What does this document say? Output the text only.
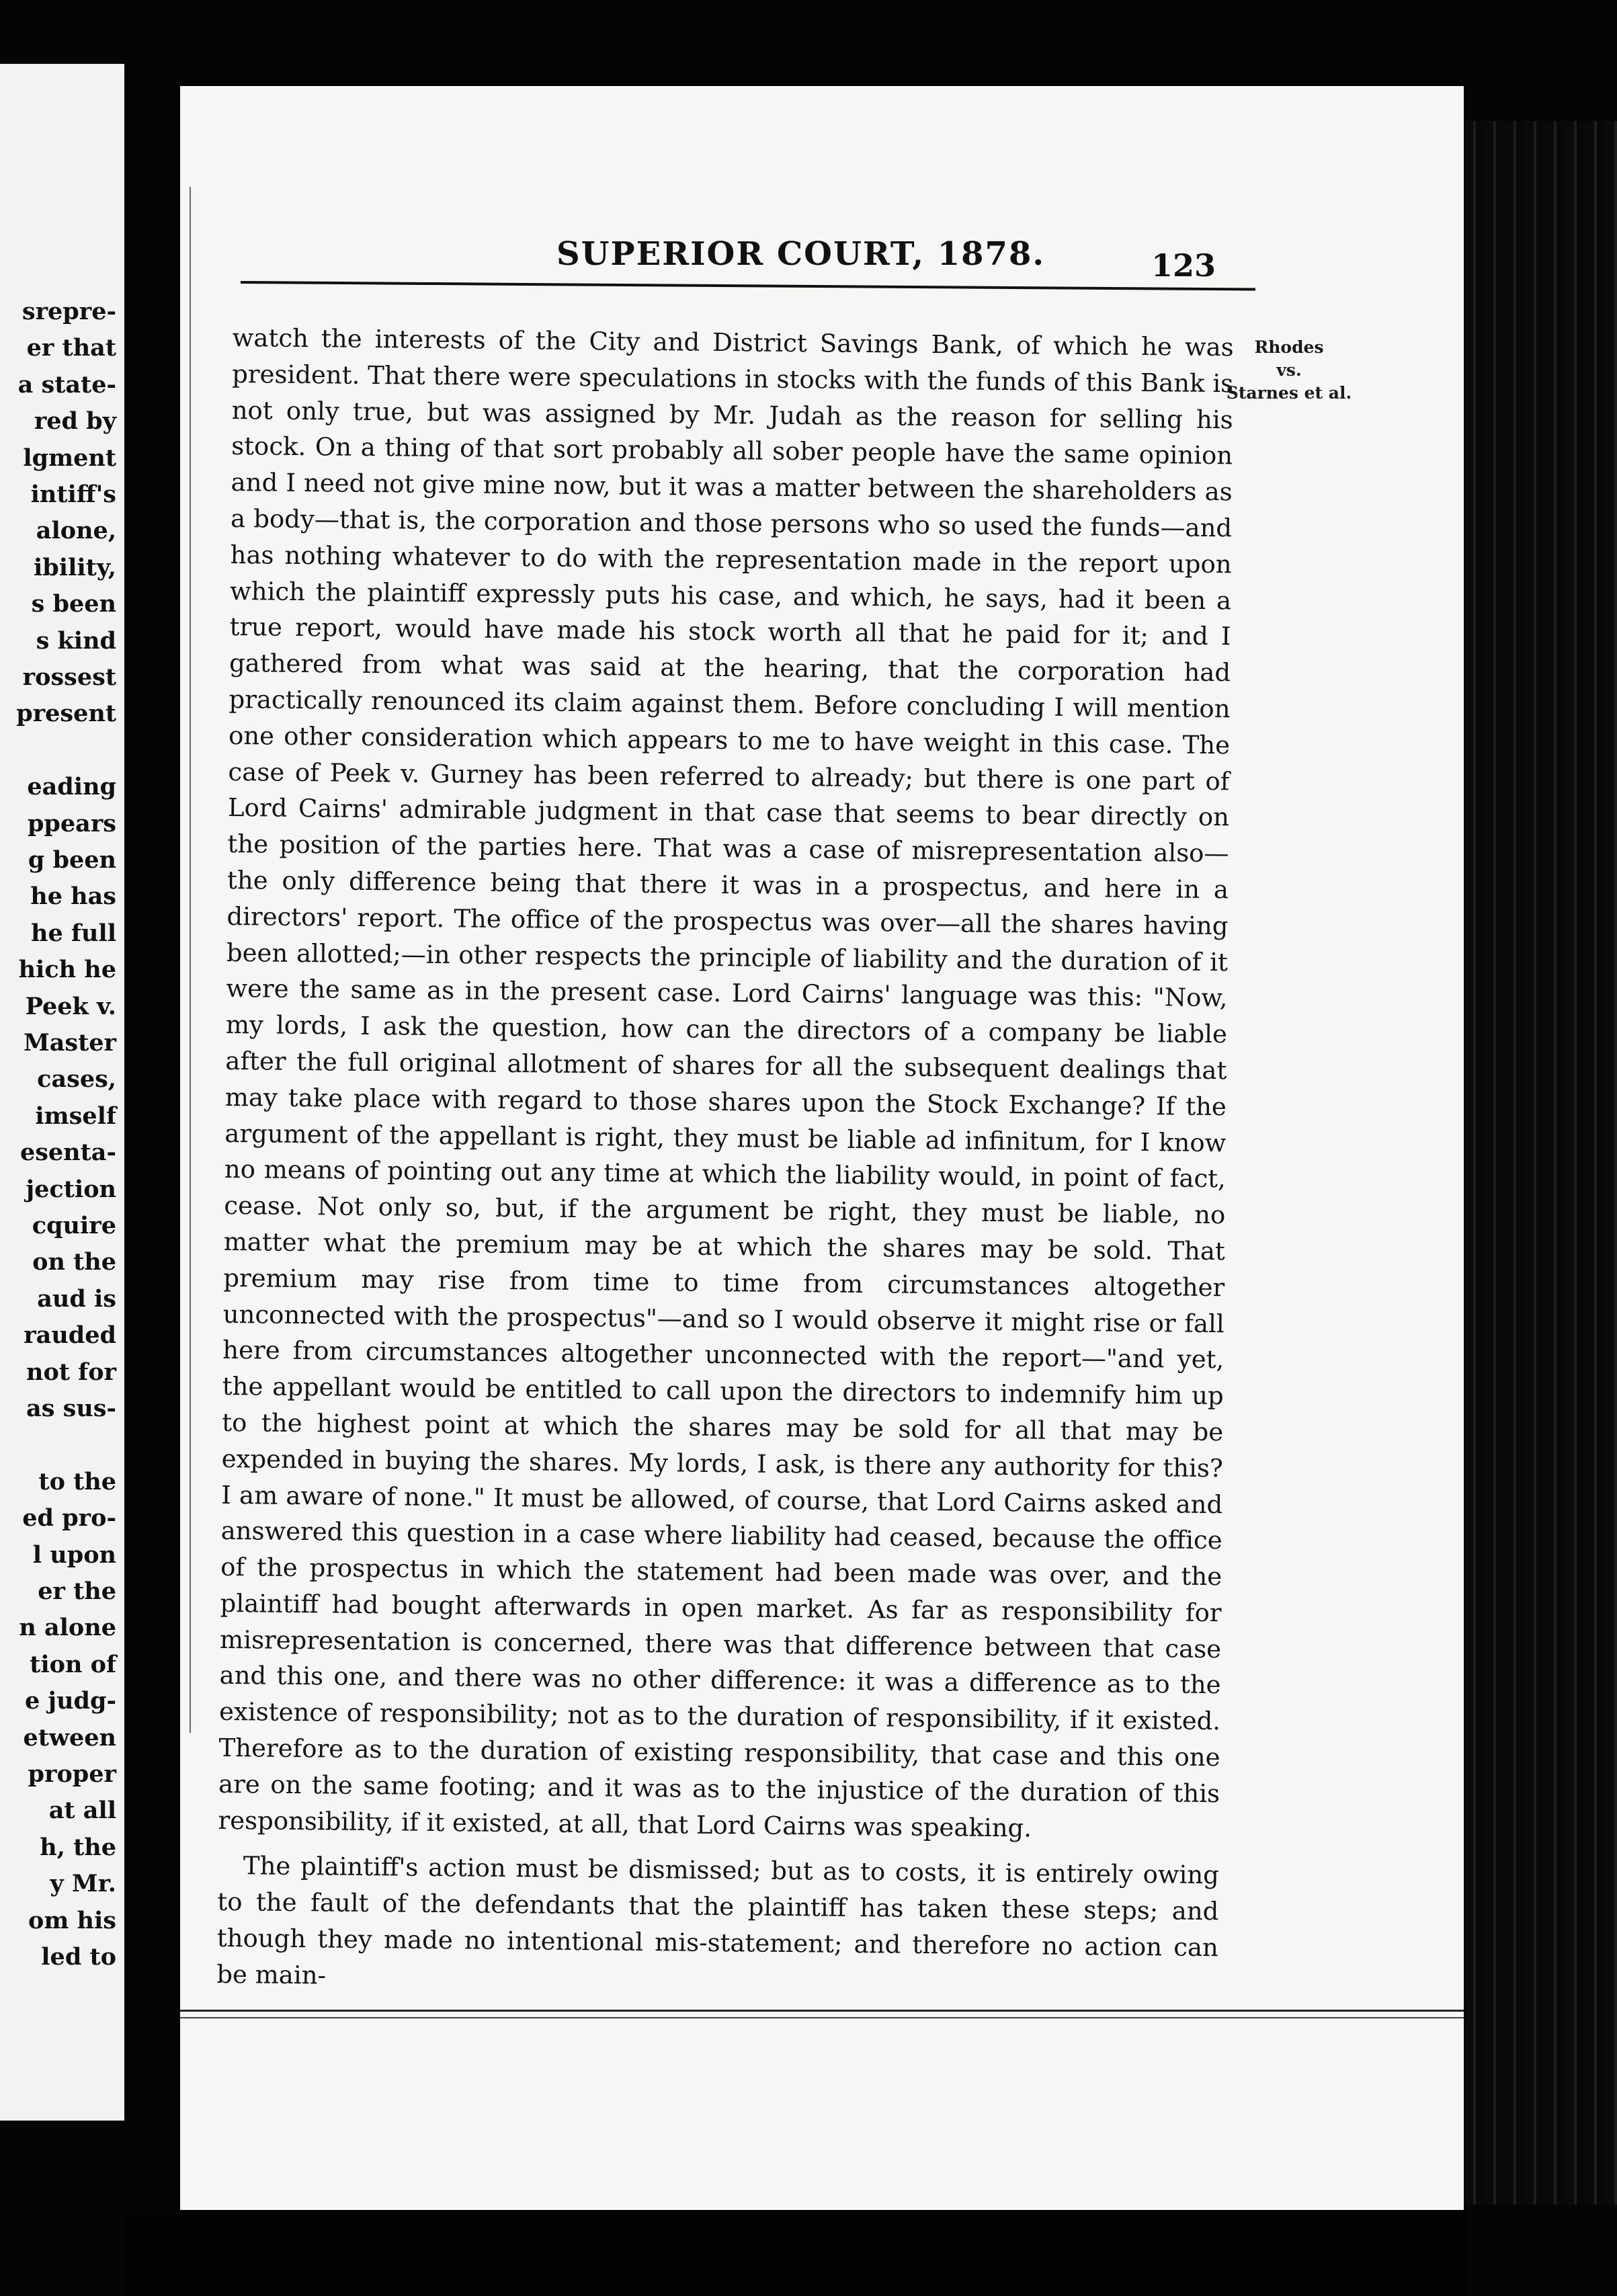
srepre-
er that
a state-
red by
lgment
intiff's
alone,
ibility,
s been
s kind
rossest
present
eading
ppears
g been
he has
he full
hich he
Peek v.
Master
cases,
imself
esenta-
jection
cquire
on the
aud is
rauded
not for
as sus-
to the
ed pro-
l upon
er the
n alone
tion of
e judg-
etween
proper
at all
h, the
y Mr.
om his
led to
SUPERIOR COURT, 1878.	123
Rhodes
vs.
Starnes et al.

watch the interests of the City and District Savings Bank, of which he was president. That there were speculations in stocks with the funds of this Bank is not only true, but was assigned by Mr. Judah as the reason for selling his stock. On a thing of that sort probably all sober people have the same opinion and I need not give mine now, but it was a matter between the shareholders as a body—that is, the corporation and those persons who so used the funds—and has nothing whatever to do with the representation made in the report upon which the plaintiff expressly puts his case, and which, he says, had it been a true report, would have made his stock worth all that he paid for it; and I gathered from what was said at the hearing, that the corporation had practically renounced its claim against them. Before concluding I will mention one other consideration which appears to me to have weight in this case. The case of Peek v. Gurney has been referred to already; but there is one part of Lord Cairns' admirable judgment in that case that seems to bear directly on the position of the parties here. That was a case of misrepresentation also—the only difference being that there it was in a prospectus, and here in a directors' report. The office of the prospectus was over—all the shares having been allotted;—in other respects the principle of liability and the duration of it were the same as in the present case. Lord Cairns' language was this: "Now, my lords, I ask the question, how can the directors of a company be liable after the full original allotment of shares for all the subsequent dealings that may take place with regard to those shares upon the Stock Exchange? If the argument of the appellant is right, they must be liable ad infinitum, for I know no means of pointing out any time at which the liability would, in point of fact, cease. Not only so, but, if the argument be right, they must be liable, no matter what the premium may be at which the shares may be sold. That premium may rise from time to time from circumstances altogether unconnected with the prospectus"—and so I would observe it might rise or fall here from circumstances altogether unconnected with the report—"and yet, the appellant would be entitled to call upon the directors to indemnify him up to the highest point at which the shares may be sold for all that may be expended in buying the shares. My lords, I ask, is there any authority for this? I am aware of none." It must be allowed, of course, that Lord Cairns asked and answered this question in a case where liability had ceased, because the office of the prospectus in which the statement had been made was over, and the plaintiff had bought afterwards in open market. As far as responsibility for misrepresentation is concerned, there was that difference between that case and this one, and there was no other difference: it was a difference as to the existence of responsibility; not as to the duration of responsibility, if it existed. Therefore as to the duration of existing responsibility, that case and this one are on the same footing; and it was as to the injustice of the duration of this responsibility, if it existed, at all, that Lord Cairns was speaking.

The plaintiff's action must be dismissed; but as to costs, it is entirely owing to the fault of the defendants that the plaintiff has taken these steps; and though they made no intentional mis-statement; and therefore no action can be main-
